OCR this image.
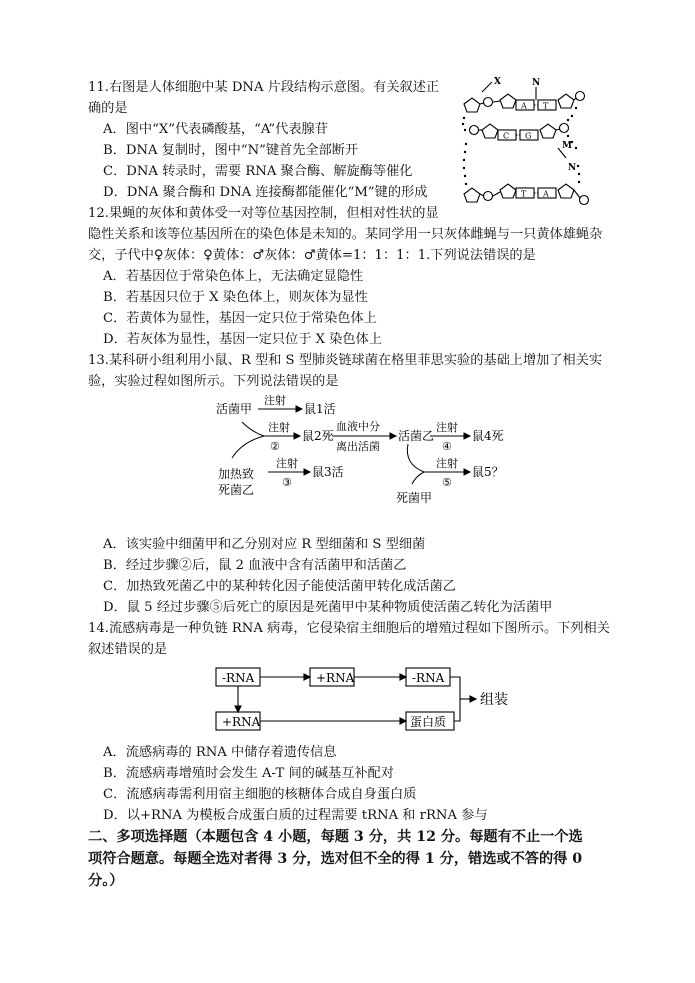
11.右图是人体细胞中某 DNA 片段结构示意图。有关叙述正
确的是
A．图中“X”代表磷酸基，“A”代表腺苷
B．DNA 复制时，图中“N”键首先全部断开
C．DNA 转录时，需要 RNA 聚合酶、解旋酶等催化
D．DNA 聚合酶和 DNA 连接酶都能催化“M”键的形成
X	N
M
N
A T
C G
T A
12.果蝇的灰体和黄体受一对等位基因控制，但相对性状的显
隐性关系和该等位基因所在的染色体是未知的。某同学用一只灰体雌蝇与一只黄体雄蝇杂
交，子代中♀灰体：♀黄体：♂灰体：♂黄体=1：1：1：1.下列说法错误的是
A．若基因位于常染色体上，无法确定显隐性
B．若基因只位于 X 染色体上，则灰体为显性
C．若黄体为显性，基因一定只位于常染色体上
D．若灰体为显性，基因一定只位于 X 染色体上
13.某科研小组利用小鼠、R 型和 S 型肺炎链球菌在格里菲思实验的基础上增加了相关实
验，实验过程如图所示。下列说法错误的是
活菌甲
注射
鼠1活
注射
②
鼠2死
血液中分
离出活菌
活菌乙
注射
④
鼠4死
加热致
死菌乙
注射
③
鼠3活
死菌甲
注射
⑤
鼠5？
A．该实验中细菌甲和乙分别对应 R 型细菌和 S 型细菌
B．经过步骤②后，鼠 2 血液中含有活菌甲和活菌乙
C．加热致死菌乙中的某种转化因子能使活菌甲转化成活菌乙
D．鼠 5 经过步骤⑤后死亡的原因是死菌甲中某种物质使活菌乙转化为活菌甲
14.流感病毒是一种负链 RNA 病毒，它侵染宿主细胞后的增殖过程如下图所示。下列相关
叙述错误的是
-RNA	+RNA	-RNA
+RNA	蛋白质
组装
A．流感病毒的 RNA 中储存着遗传信息
B．流感病毒增殖时会发生 A-T 间的碱基互补配对
C．流感病毒需利用宿主细胞的核糖体合成自身蛋白质
D．以+RNA 为模板合成蛋白质的过程需要 tRNA 和 rRNA 参与
二、多项选择题（本题包含 4 小题，每题 3 分，共 12 分。每题有不止一个选
项符合题意。每题全选对者得 3 分，选对但不全的得 1 分，错选或不答的得 0
分。）
